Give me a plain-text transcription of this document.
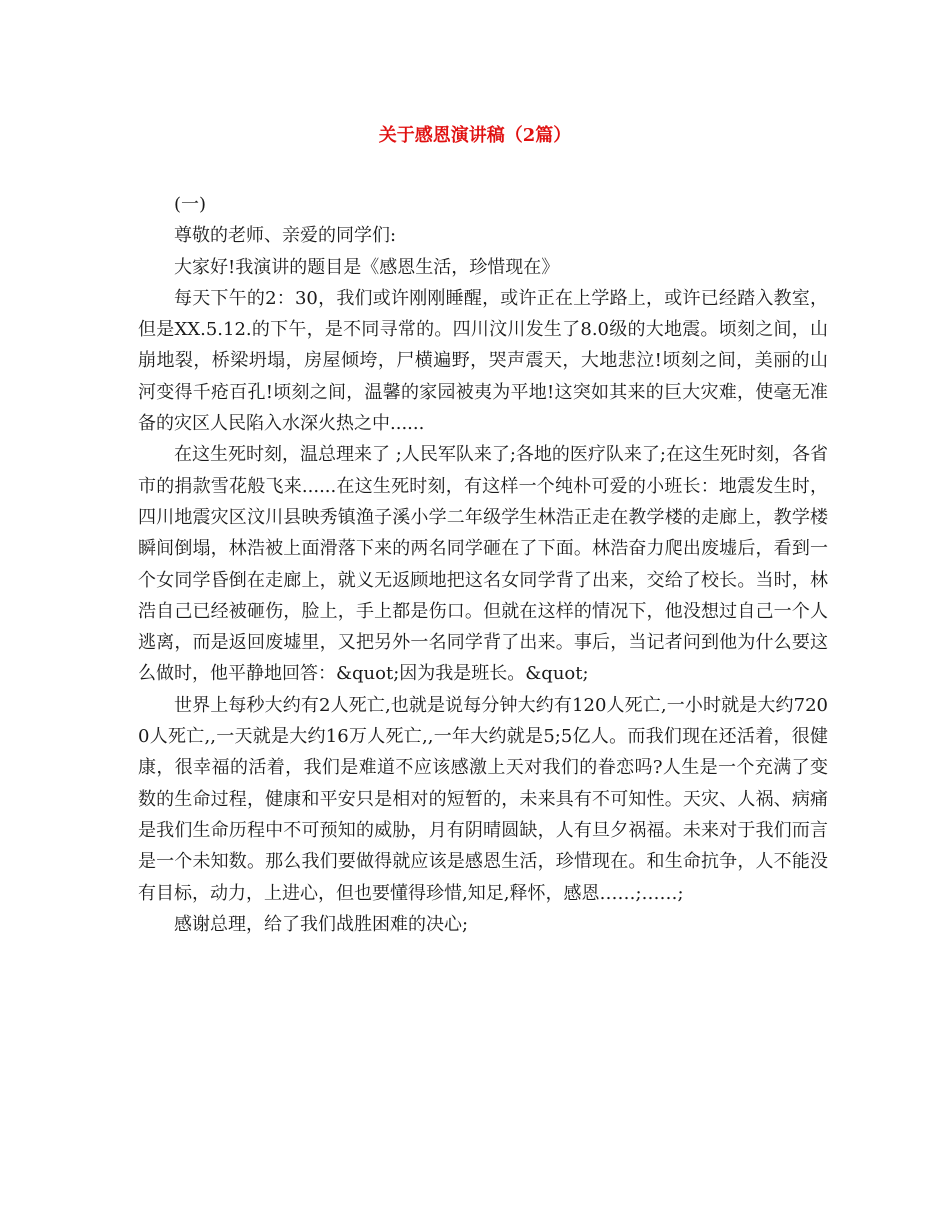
关于感恩演讲稿（2篇）

(一)

尊敬的老师、亲爱的同学们:

大家好!我演讲的题目是《感恩生活，珍惜现在》

每天下午的2：30，我们或许刚刚睡醒，或许正在上学路上，或许已经踏入教室，但是XX.5.12.的下午，是不同寻常的。四川汶川发生了8.0级的大地震。顷刻之间，山崩地裂，桥梁坍塌，房屋倾垮，尸横遍野，哭声震天，大地悲泣!顷刻之间，美丽的山河变得千疮百孔!顷刻之间，温馨的家园被夷为平地!这突如其来的巨大灾难，使毫无准备的灾区人民陷入水深火热之中......

在这生死时刻，温总理来了 ;人民军队来了;各地的医疗队来了;在这生死时刻，各省市的捐款雪花般飞来......在这生死时刻，有这样一个纯朴可爱的小班长：地震发生时，四川地震灾区汶川县映秀镇渔子溪小学二年级学生林浩正走在教学楼的走廊上，教学楼瞬间倒塌，林浩被上面滑落下来的两名同学砸在了下面。林浩奋力爬出废墟后，看到一个女同学昏倒在走廊上，就义无返顾地把这名女同学背了出来，交给了校长。当时，林浩自己已经被砸伤，脸上，手上都是伤口。但就在这样的情况下，他没想过自己一个人逃离，而是返回废墟里，又把另外一名同学背了出来。事后，当记者问到他为什么要这么做时，他平静地回答：&quot;因为我是班长。&quot;

世界上每秒大约有2人死亡,也就是说每分钟大约有120人死亡,一小时就是大约7200人死亡,,一天就是大约16万人死亡,,一年大约就是5;5亿人。而我们现在还活着，很健康，很幸福的活着，我们是难道不应该感激上天对我们的眷恋吗?人生是一个充满了变数的生命过程，健康和平安只是相对的短暂的，未来具有不可知性。天灾、人祸、病痛是我们生命历程中不可预知的威胁，月有阴晴圆缺，人有旦夕祸福。未来对于我们而言是一个未知数。那么我们要做得就应该是感恩生活，珍惜现在。和生命抗争，人不能没有目标，动力，上进心，但也要懂得珍惜,知足,释怀，感恩……;……;

感谢总理，给了我们战胜困难的决心;
